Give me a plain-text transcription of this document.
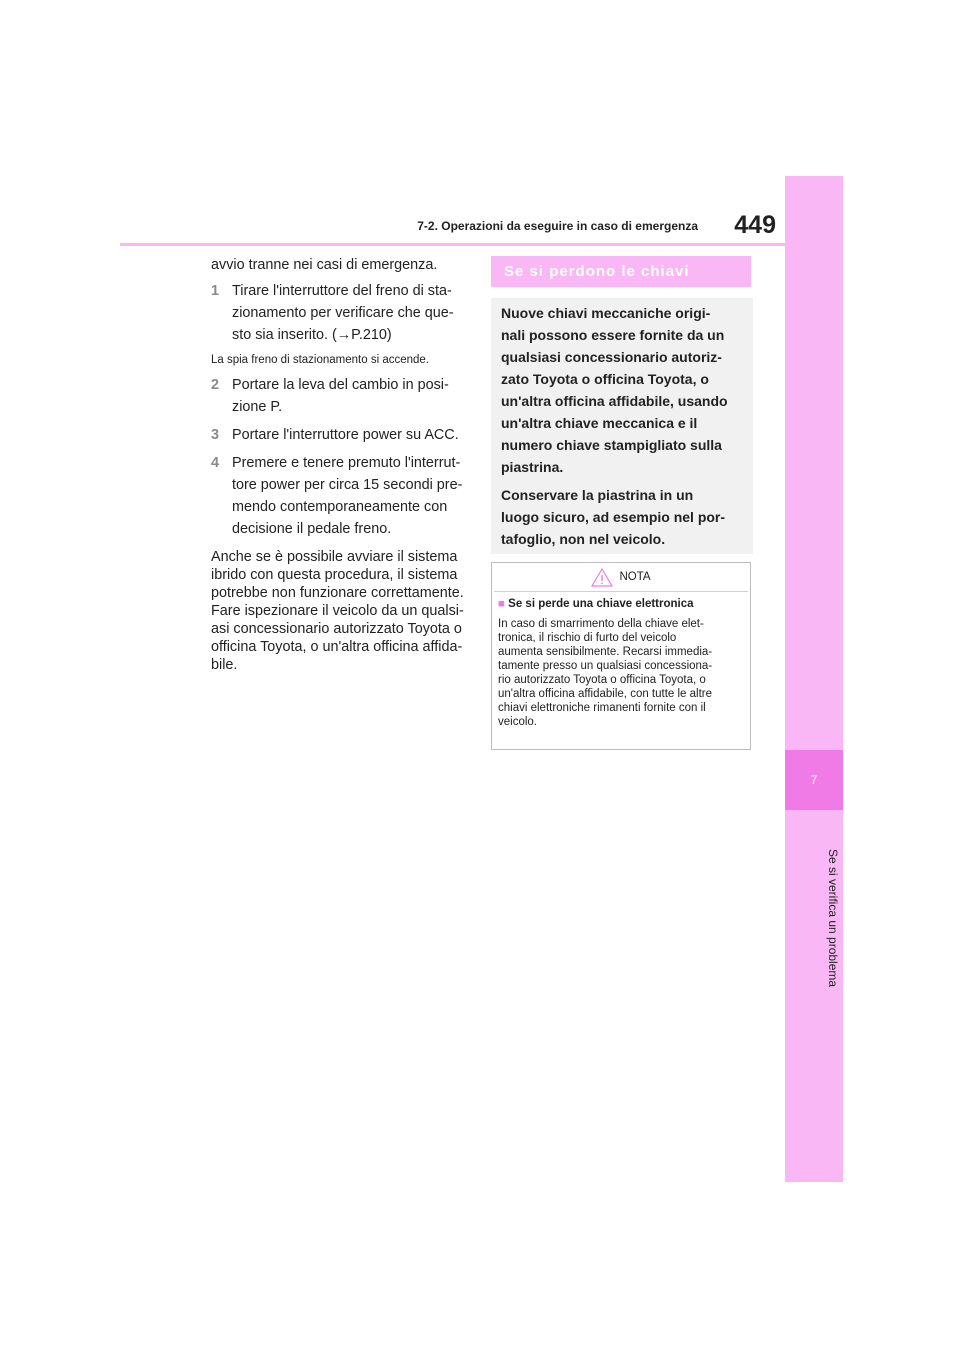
7
Se si verifica un problema
7-2. Operazioni da eseguire in caso di emergenza	449

avvio tranne nei casi di emergenza.

1 Tirare l'interruttore del freno di sta-
zionamento per verificare che que-
sto sia inserito. (→P.210)

La spia freno di stazionamento si accende.

2 Portare la leva del cambio in posi-
zione P.
3 Portare l'interruttore power su ACC.
4 Premere e tenere premuto l'interrut-
tore power per circa 15 secondi pre-
mendo contemporaneamente con
decisione il pedale freno.
Anche se è possibile avviare il sistema
ibrido con questa procedura, il sistema
potrebbe non funzionare correttamente.
Fare ispezionare il veicolo da un qualsi-
asi concessionario autorizzato Toyota o
officina Toyota, o un'altra officina affida-
bile.
Se si perdono le chiavi

Nuove chiavi meccaniche origi-
nali possono essere fornite da un
qualsiasi concessionario autoriz-
zato Toyota o officina Toyota, o
un'altra officina affidabile, usando
un'altra chiave meccanica e il
numero chiave stampigliato sulla
piastrina.

Conservare la piastrina in un
luogo sicuro, ad esempio nel por-
tafoglio, non nel veicolo.

NOTA

■ Se si perde una chiave elettronica

In caso di smarrimento della chiave elet-

tronica, il rischio di furto del veicolo

aumenta sensibilmente. Recarsi immedia-

tamente presso un qualsiasi concessiona-

rio autorizzato Toyota o officina Toyota, o

un'altra officina affidabile, con tutte le altre

chiavi elettroniche rimanenti fornite con il

veicolo.
